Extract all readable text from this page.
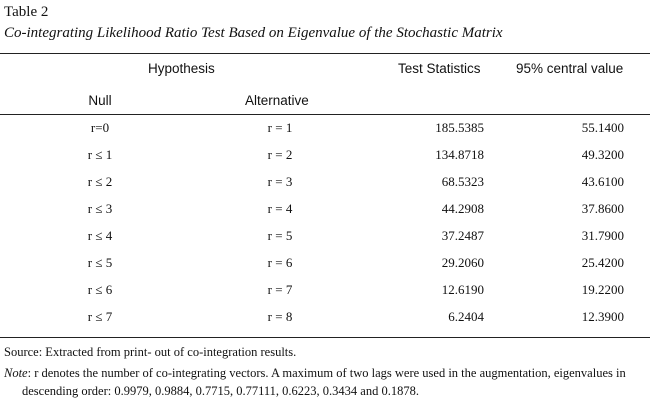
Table 2
Co-integrating Likelihood Ratio Test Based on Eigenvalue of the Stochastic Matrix
Hypothesis	Test Statistics	95% central value
Null	Alternative
r=0	r = 1	185.5385	55.1400
r ≤ 1	r = 2	134.8718	49.3200
r ≤ 2	r = 3	68.5323	43.6100
r ≤ 3	r = 4	44.2908	37.8600
r ≤ 4	r = 5	37.2487	31.7900
r ≤ 5	r = 6	29.2060	25.4200
r ≤ 6	r = 7	12.6190	19.2200
r ≤ 7	r = 8	6.2404	12.3900
Source: Extracted from print- out of co-integration results.
Note: r denotes the number of co-integrating vectors. A maximum of two lags were used in the augmentation, eigenvalues in
descending order: 0.9979, 0.9884, 0.7715, 0.77111, 0.6223, 0.3434 and 0.1878.
